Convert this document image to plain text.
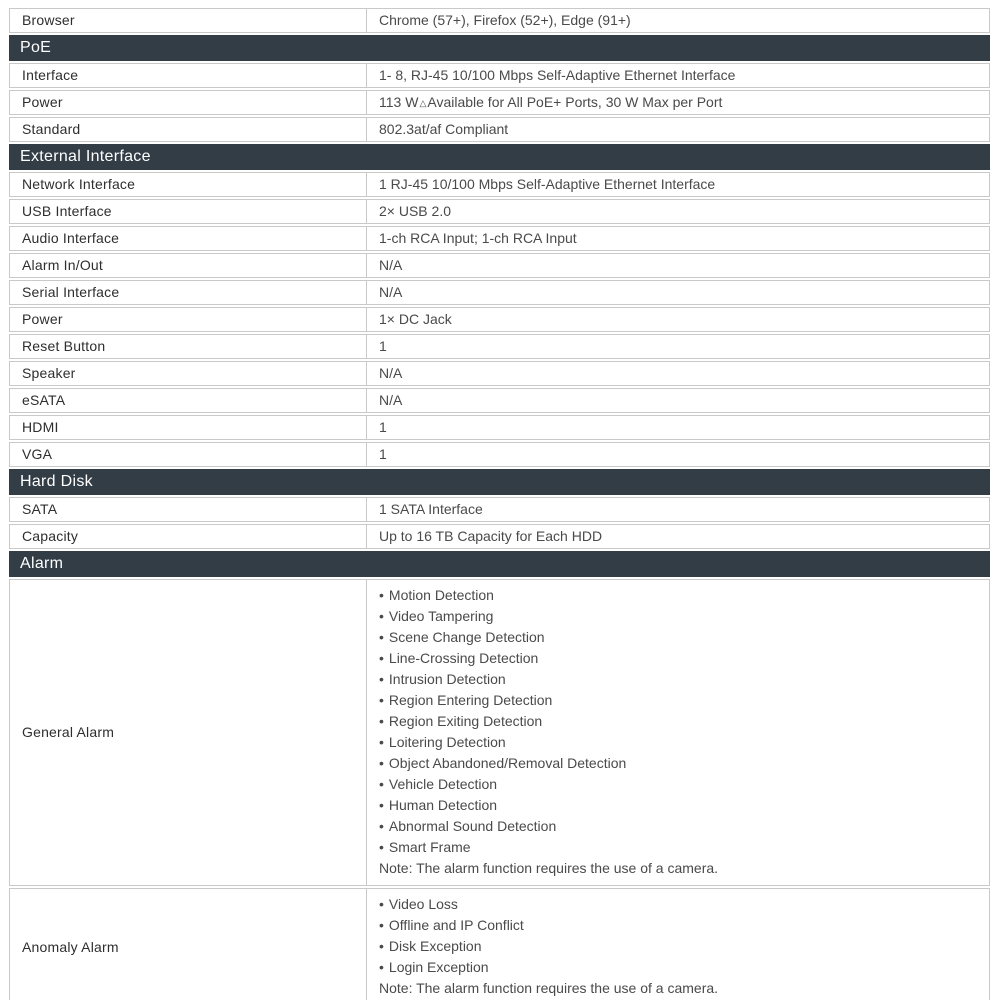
Browser	Chrome (57+), Firefox (52+), Edge (91+)
PoE
Interface	1- 8, RJ-45 10/100 Mbps Self-Adaptive Ethernet Interface
Power	113 W △ Available for All PoE+ Ports, 30 W Max per Port
Standard	802.3at/af Compliant
External Interface
Network Interface	1 RJ-45 10/100 Mbps Self-Adaptive Ethernet Interface
USB Interface	2× USB 2.0
Audio Interface	1-ch RCA Input; 1-ch RCA Input
Alarm In/Out	N/A
Serial Interface	N/A
Power	1× DC Jack
Reset Button	1
Speaker	N/A
eSATA	N/A
HDMI	1
VGA	1
Hard Disk
SATA	1 SATA Interface
Capacity	Up to 16 TB Capacity for Each HDD
Alarm
General Alarm
• Motion Detection
• Video Tampering
• Scene Change Detection
• Line-Crossing Detection
• Intrusion Detection
• Region Entering Detection
• Region Exiting Detection
• Loitering Detection
• Object Abandoned/Removal Detection
• Vehicle Detection
• Human Detection
• Abnormal Sound Detection
• Smart Frame
Note: The alarm function requires the use of a camera.
Anomaly Alarm
• Video Loss
• Offline and IP Conflict
• Disk Exception
• Login Exception
Note: The alarm function requires the use of a camera.
